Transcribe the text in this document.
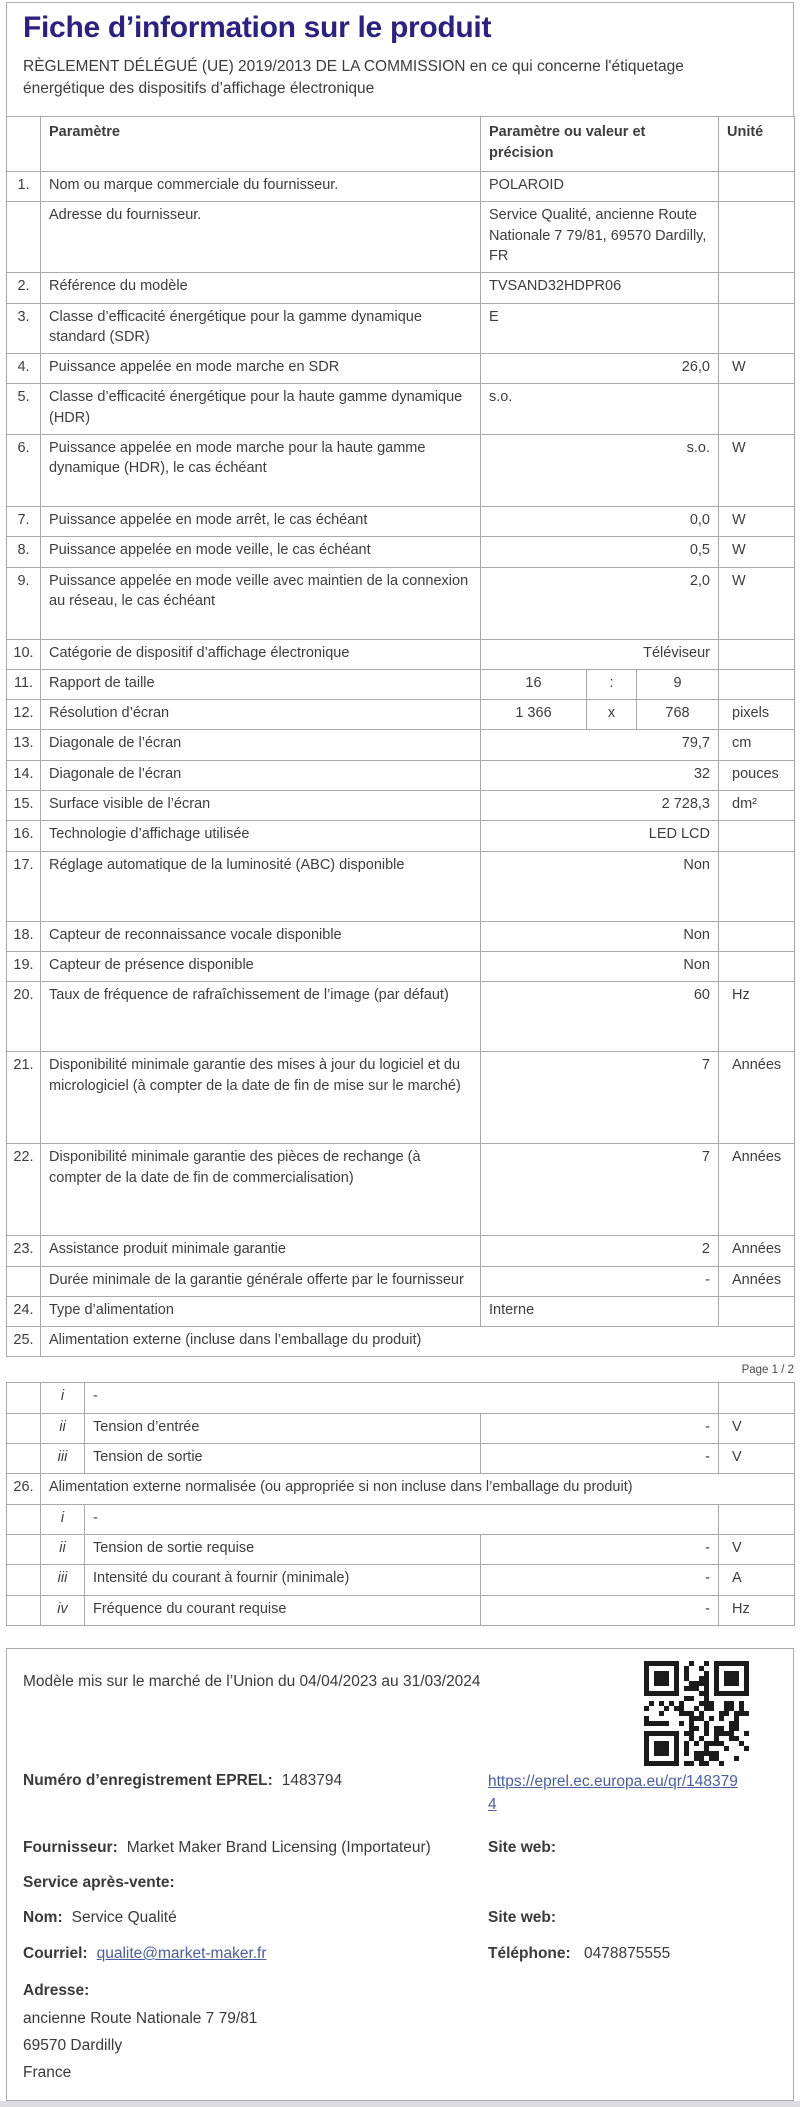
Fiche d’information sur le produit
RÈGLEMENT DÉLÉGUÉ (UE) 2019/2013 DE LA COMMISSION en ce qui concerne l'étiquetage énergétique des dispositifs d’affichage électronique
	Paramètre	Paramètre ou valeur et précision	Unité
1.	Nom ou marque commerciale du fournisseur.	POLAROID	
	Adresse du fournisseur.	Service Qualité, ancienne Route Nationale 7 79/81, 69570 Dardilly, FR	
2.	Référence du modèle	TVSAND32HDPR06	
3.	Classe d’efficacité énergétique pour la gamme dynamique standard (SDR)	E	
4.	Puissance appelée en mode marche en SDR	26,0	W
5.	Classe d’efficacité énergétique pour la haute gamme dynamique (HDR)	s.o.	
6.	Puissance appelée en mode marche pour la haute gamme dynamique (HDR), le cas échéant	s.o.	W
7.	Puissance appelée en mode arrêt, le cas échéant	0,0	W
8.	Puissance appelée en mode veille, le cas échéant	0,5	W
9.	Puissance appelée en mode veille avec maintien de la connexion au réseau, le cas échéant	2,0	W
10.	Catégorie de dispositif d’affichage électronique	Téléviseur	
11.	Rapport de taille	16 : 9	

12.	Résolution d’écran	1 366 x 768	pixels
13.	Diagonale de l’écran	79,7	cm
14.	Diagonale de l’écran	32	pouces
15.	Surface visible de l’écran	2 728,3	dm²
16.	Technologie d’affichage utilisée	LED LCD	
17.	Réglage automatique de la luminosité (ABC) disponible	Non	
18.	Capteur de reconnaissance vocale disponible	Non	
19.	Capteur de présence disponible	Non	
20.	Taux de fréquence de rafraîchissement de l’image (par défaut)	60	Hz
21.	Disponibilité minimale garantie des mises à jour du logiciel et du micrologiciel (à compter de la date de fin de mise sur le marché)	7	Années
22.	Disponibilité minimale garantie des pièces de rechange (à compter de la date de fin de commercialisation)	7	Années
23.	Assistance produit minimale garantie	2	Années
	Durée minimale de la garantie générale offerte par le fournisseur	-	Années
24.	Type d’alimentation	Interne	
25.	Alimentation externe (incluse dans l’emballage du produit)		
Page 1 / 2
	i	-		
	ii	Tension d’entrée	-	V
	iii	Tension de sortie	-	V
26.	Alimentation externe normalisée (ou appropriée si non incluse dans l’emballage du produit)			
	i	-		
	ii	Tension de sortie requise	-	V
	iii	Intensité du courant à fournir (minimale)	-	A
	iv	Fréquence du courant requise	-	Hz
Modèle mis sur le marché de l’Union du 04/04/2023 au 31/03/2024
Numéro d’enregistrement EPREL: 1483794	https://eprel.ec.europa.eu/qr/1483794
Fournisseur: Market Maker Brand Licensing (Importateur)	Site web:
Service après-vente:
Nom: Service Qualité	Site web:
Courriel: qualite@market-maker.fr	Téléphone: 0478875555
Adresse:
ancienne Route Nationale 7 79/81
69570 Dardilly
France
